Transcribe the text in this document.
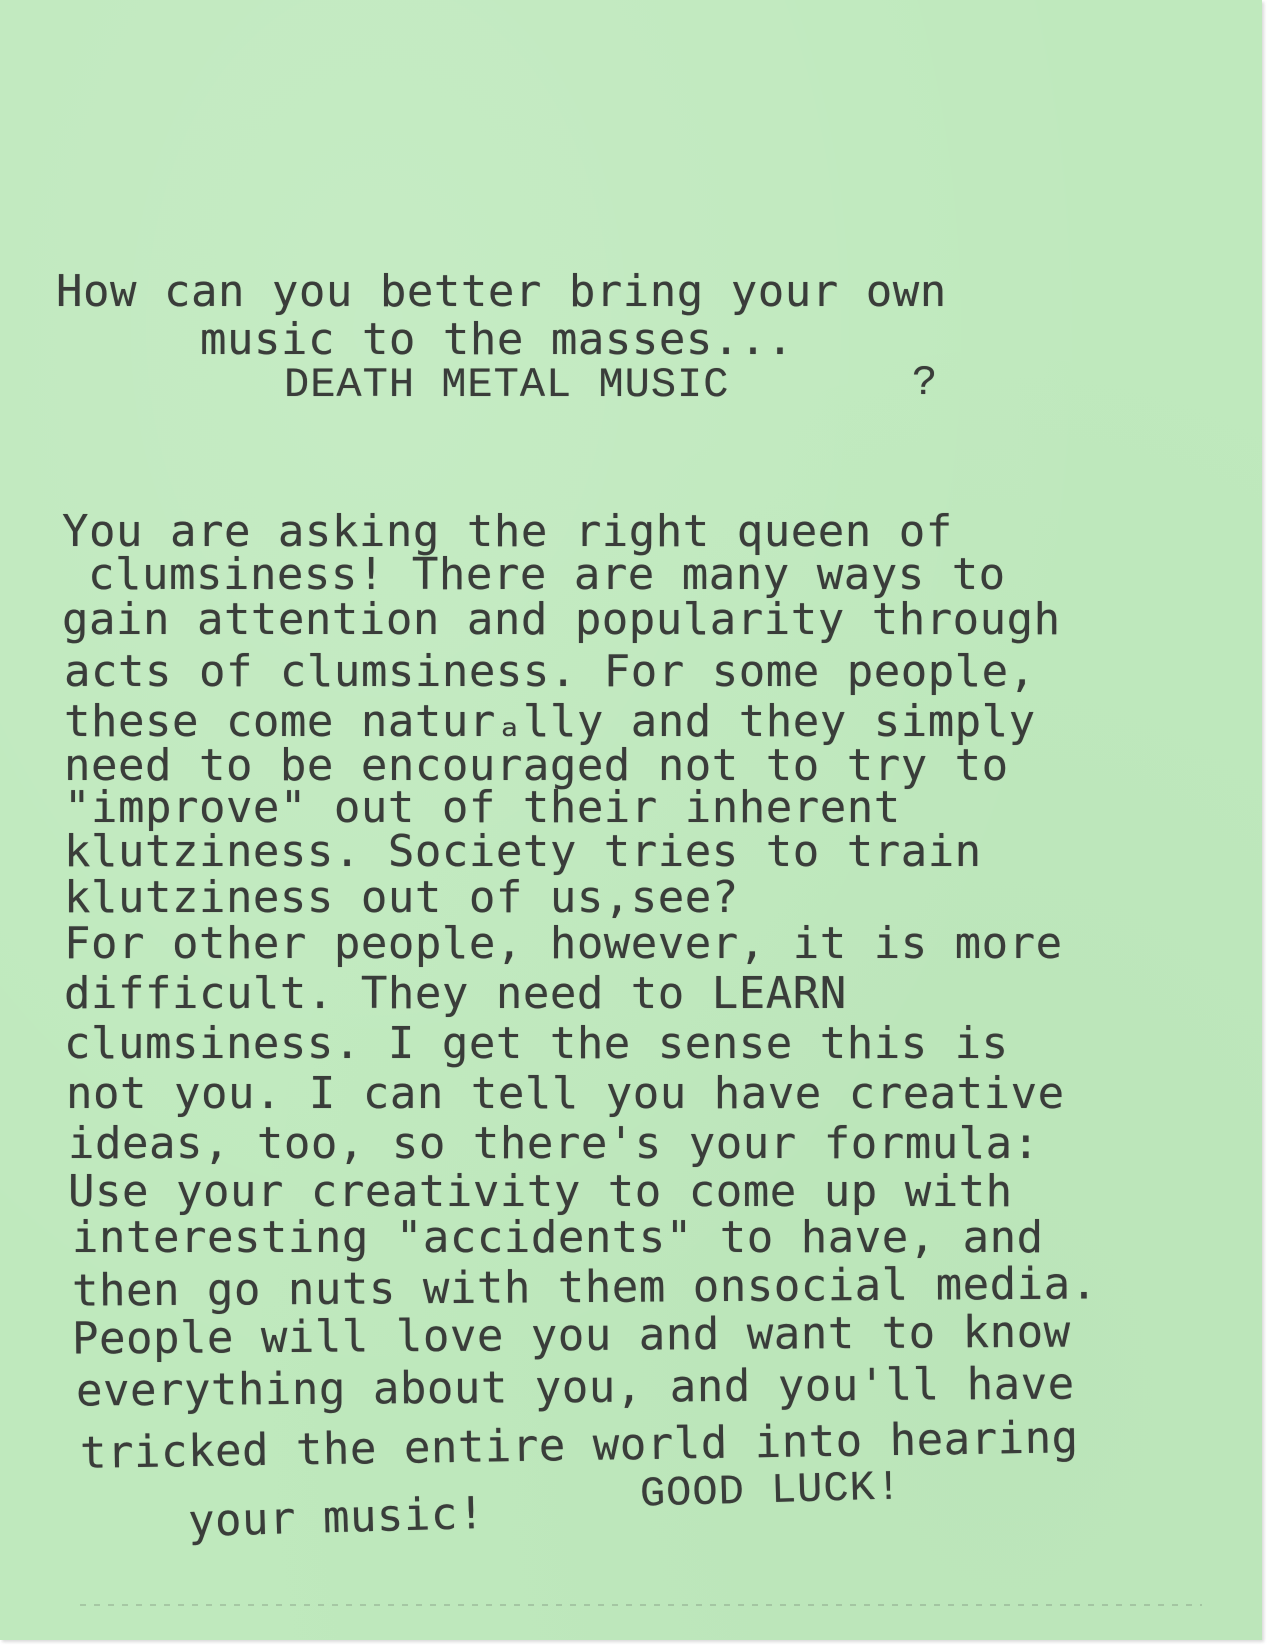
How can you better bring your own
music to the masses...
DEATH METAL MUSIC	?
You are asking the right queen of
clumsiness! There are many ways to
gain attention and popularity through
acts of clumsiness. For some people,
these come naturₐlly and they simply
need to be encouraged not to try to
"improve" out of their inherent
klutziness. Society tries to train
klutziness out of us,see?
For other people, however, it is more
difficult. They need to LEARN
clumsiness. I get the sense this is
not you. I can tell you have creative
ideas, too, so there's your formula:
Use your creativity to come up with
interesting "accidents" to have, and
then go nuts with them onsocial media.
People will love you and want to know
everything about you, and you'll have
tricked the entire world into hearing
your music!	GOOD LUCK!
